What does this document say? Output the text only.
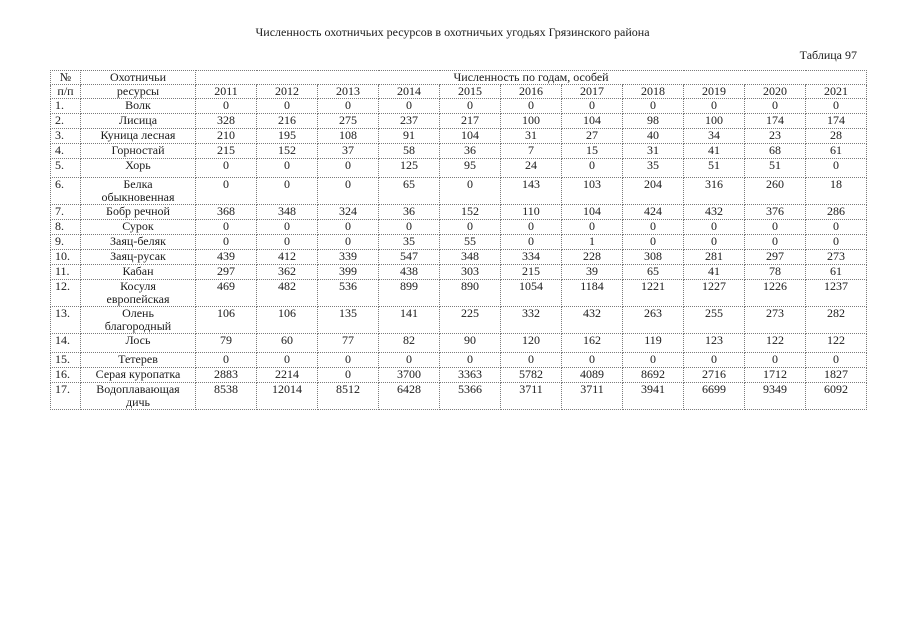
Численность охотничьих ресурсов в охотничьих угодьях Грязинского района
Таблица 97
№	Охотничьи	Численность по годам, особей										
п/п	ресурсы	2011	2012	2013	2014	2015	2016	2017	2018	2019	2020	2021
1.	Волк	0	0	0	0	0	0	0	0	0	0	0
2.	Лисица	328	216	275	237	217	100	104	98	100	174	174
3.	Куница лесная	210	195	108	91	104	31	27	40	34	23	28
4.	Горностай	215	152	37	58	36	7	15	31	41	68	61
5.	Хорь	0	0	0	125	95	24	0	35	51	51	0
6.	Белка
обыкновенная	0	0	0	65	0	143	103	204	316	260	18
7.	Бобр речной	368	348	324	36	152	110	104	424	432	376	286
8.	Сурок	0	0	0	0	0	0	0	0	0	0	0
9.	Заяц-беляк	0	0	0	35	55	0	1	0	0	0	0
10.	Заяц-русак	439	412	339	547	348	334	228	308	281	297	273
11.	Кабан	297	362	399	438	303	215	39	65	41	78	61
12.	Косуля
европейская	469	482	536	899	890	1054	1184	1221	1227	1226	1237
13.	Олень
благородный	106	106	135	141	225	332	432	263	255	273	282
14.	Лось	79	60	77	82	90	120	162	119	123	122	122
15.	Тетерев	0	0	0	0	0	0	0	0	0	0	0
16.	Серая куропатка	2883	2214	0	3700	3363	5782	4089	8692	2716	1712	1827
17.	Водоплавающая
дичь	8538	12014	8512	6428	5366	3711	3711	3941	6699	9349	6092
